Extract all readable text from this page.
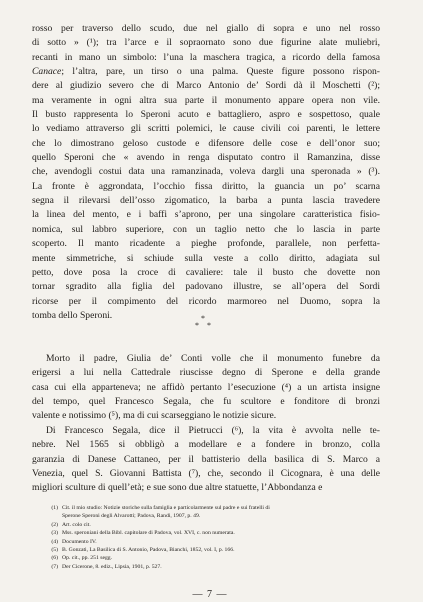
rosso per traverso dello scudo, due nel giallo di sopra e uno nel rosso
di sotto » (¹); tra l’arce e il sopraornato sono due figurine alate muliebri,
recanti in mano un simbolo: l’una la maschera tragica, a ricordo della famosa
Canace; l’altra, pare, un tirso o una palma. Queste figure possono rispon-
dere al giudizio severo che di Marco Antonio de’ Sordi dà il Moschetti (²);
ma veramente in ogni altra sua parte il monumento appare opera non vile.
Il busto rappresenta lo Speroni acuto e battagliero, aspro e sospettoso, quale
lo vediamo attraverso gli scritti polemici, le cause civili coi parenti, le lettere
che lo dimostrano geloso custode e difensore delle cose e dell’onor suo;
quello Speroni che « avendo in renga disputato contro il Ramanzina, disse
che, avendogli costui data una ramanzinada, voleva dargli una speronada » (³).
La fronte è aggrondata, l’occhio fissa diritto, la guancia un po’ scarna
segna il rilevarsi dell’osso zigomatico, la barba a punta lascia travedere
la linea del mento, e i baffi s’aprono, per una singolare caratteristica fisio-
nomica, sul labbro superiore, con un taglio netto che lo lascia in parte
scoperto. Il manto ricadente a pieghe profonde, parallele, non perfetta-
mente simmetriche, si schiude sulla veste a collo diritto, adagiata sul
petto, dove posa la croce di cavaliere: tale il busto che dovette non
tornar sgradito alla figlia del padovano illustre, se all’opera del Sordi
ricorse per il compimento del ricordo marmoreo nel Duomo, sopra la
tomba dello Speroni.	*
* *
Morto il padre, Giulia de’ Conti volle che il monumento funebre da
erigersi a lui nella Cattedrale riuscisse degno di Sperone e della grande
casa cui ella apparteneva; ne affidò pertanto l’esecuzione (⁴) a un artista insigne
del tempo, quel Francesco Segala, che fu scultore e fonditore di bronzi
valente e notissimo (⁵), ma di cui scarseggiano le notizie sicure.
Di Francesco Segala, dice il Pietrucci (⁶), la vita è avvolta nelle te-
nebre. Nel 1565 si obbligò a modellare e a fondere in bronzo, colla
garanzia di Danese Cattaneo, per il battisterio della basilica di S. Marco a
Venezia, quel S. Giovanni Battista (⁷), che, secondo il Cicognara, è una delle
migliori sculture di quell’età; e sue sono due altre statuette, l’Abbondanza e
(1) Cit. il mio studio: Notizie storiche sulla famiglia e particolarmente sul padre e sui fratelli di
Sperone Speroni degli Alvarotti; Padova, Randi, 1907, p. 49.
(2) Art. colo cit.
(3) Mss. speroniani della Bibl. capitolare di Padova, vol. XVI, c. non numerata.
(4) Documento IV.
(5) B. Gonzati, La Basilica di S. Antonio, Padova, Bianchi, 1852, vol. I, p. 166.
(6) Op. cit., pp. 251 segg.
(7) Der Cicerone, 8. ediz., Lipsia, 1901, p. 527.
— 7 —
